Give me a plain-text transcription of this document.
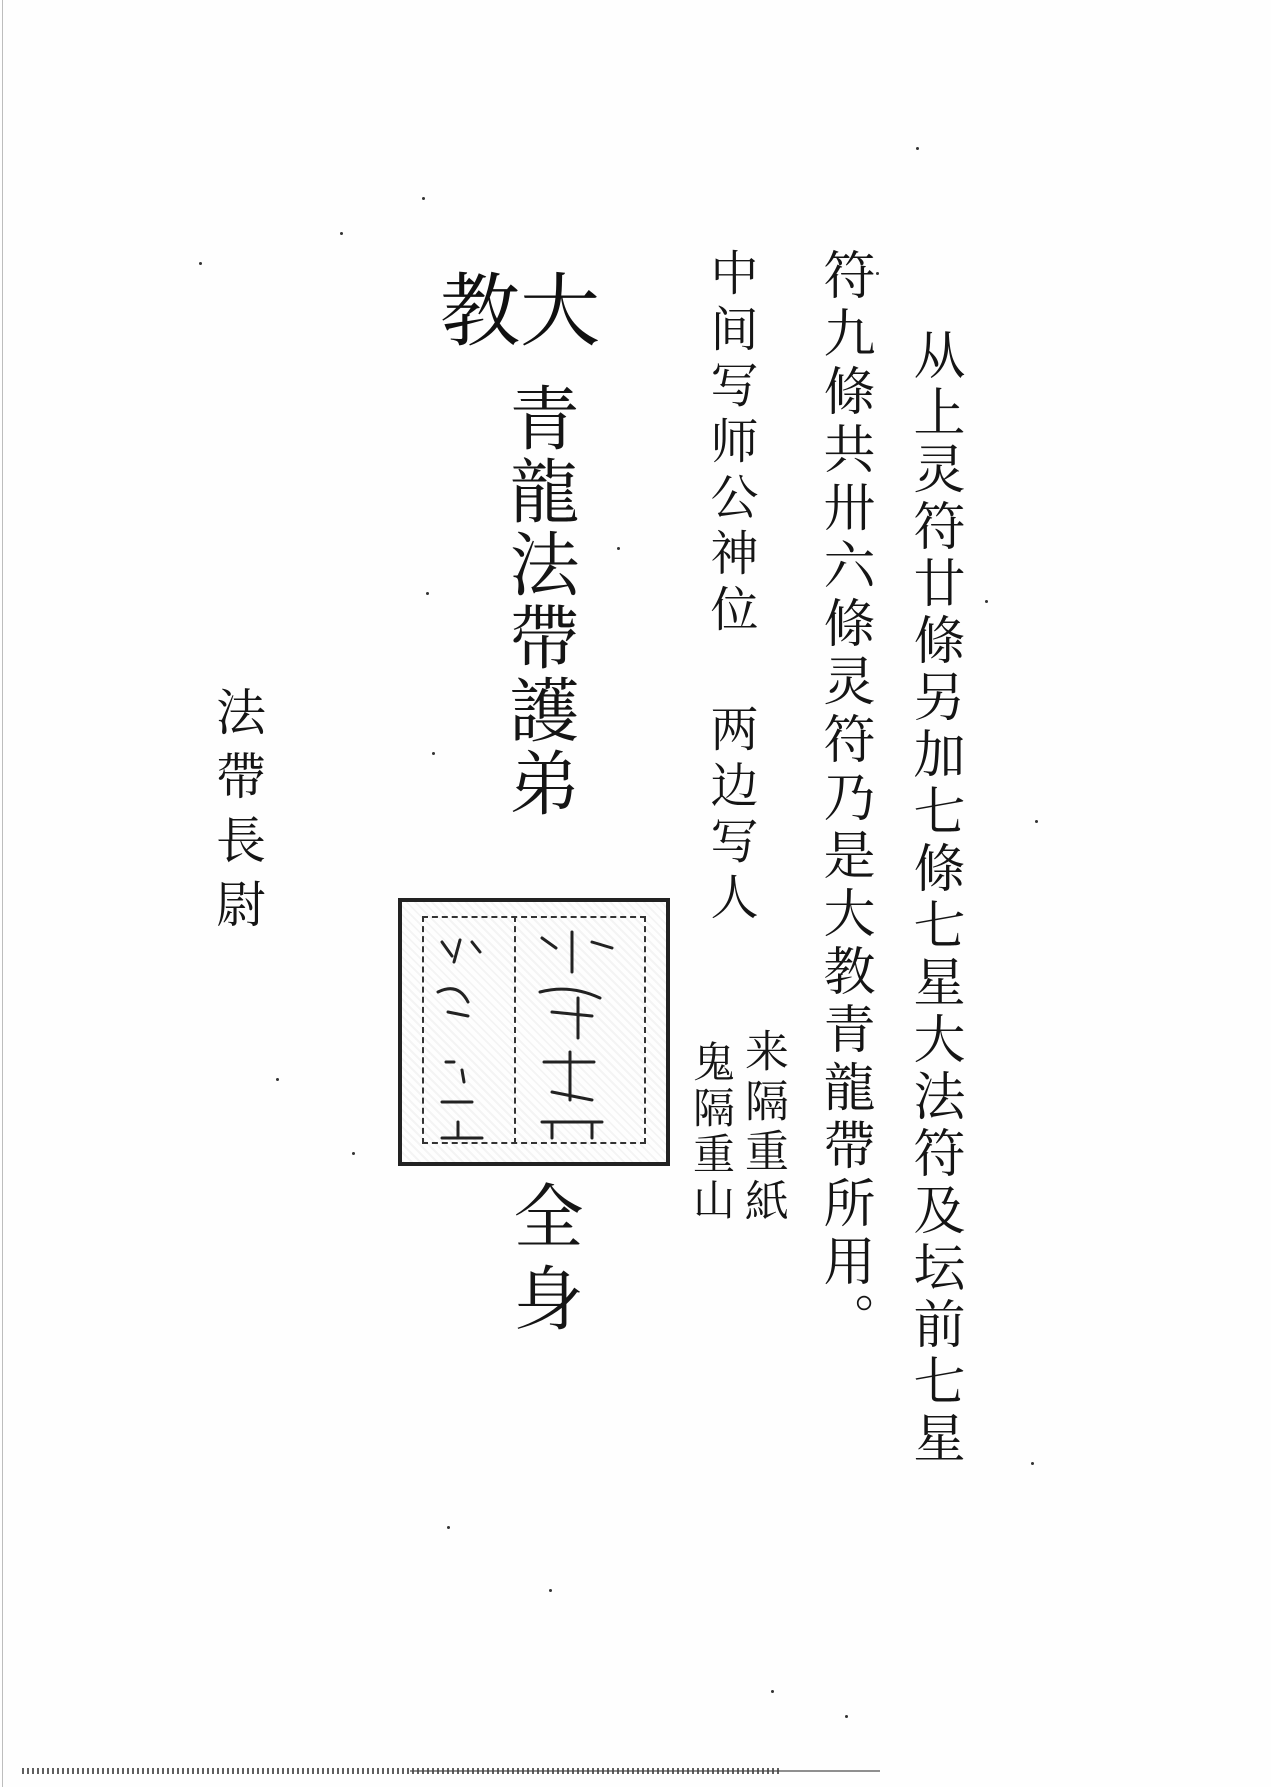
从上灵符廿條另加七條七星大法符及坛前七星
符九條共卅六條灵符乃是大教青龍帶所用。
中间写师公神位 两边写人
来隔重紙
鬼隔重山
大教
青龍法帶護弟
全身
法帶長尉
